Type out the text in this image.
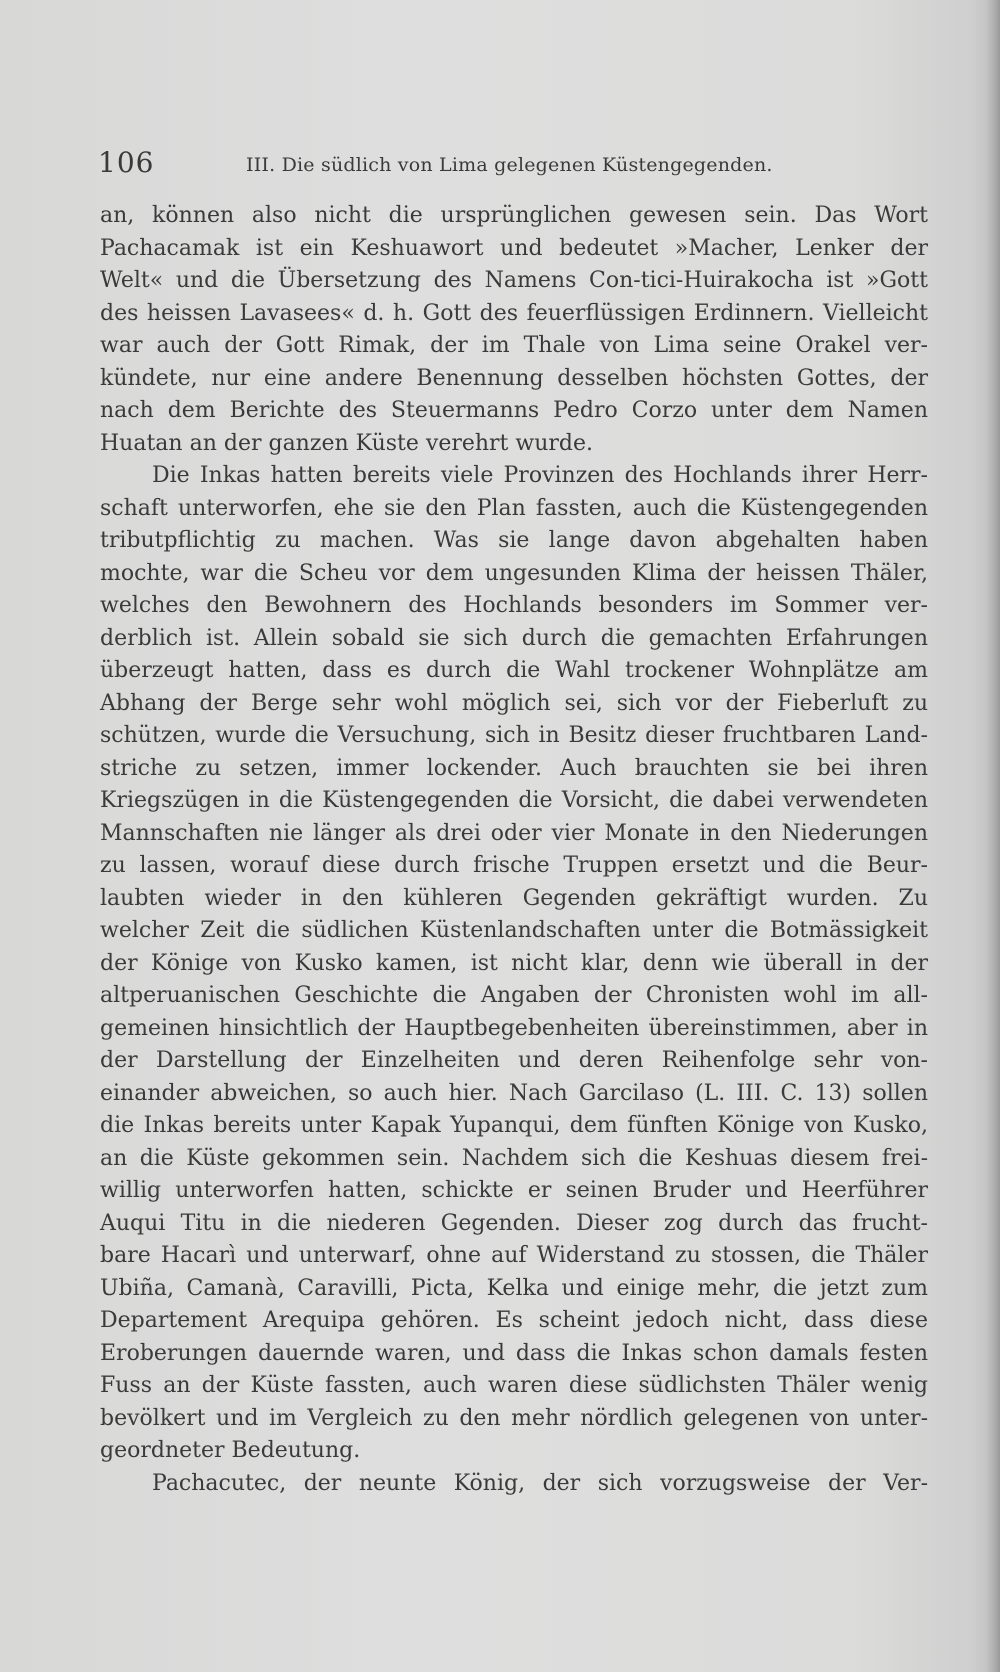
106	III. Die südlich von Lima gelegenen Küstengegenden.
an, können also nicht die ursprünglichen gewesen sein. Das Wort
Pachacamak ist ein Keshuawort und bedeutet »Macher, Lenker der
Welt« und die Übersetzung des Namens Con-tici-Huirakocha ist »Gott
des heissen Lavasees« d. h. Gott des feuerflüssigen Erdinnern. Vielleicht
war auch der Gott Rimak, der im Thale von Lima seine Orakel ver-
kündete, nur eine andere Benennung desselben höchsten Gottes, der
nach dem Berichte des Steuermanns Pedro Corzo unter dem Namen
Huatan an der ganzen Küste verehrt wurde.
Die Inkas hatten bereits viele Provinzen des Hochlands ihrer Herr-
schaft unterworfen, ehe sie den Plan fassten, auch die Küstengegenden
tributpflichtig zu machen. Was sie lange davon abgehalten haben
mochte, war die Scheu vor dem ungesunden Klima der heissen Thäler,
welches den Bewohnern des Hochlands besonders im Sommer ver-
derblich ist. Allein sobald sie sich durch die gemachten Erfahrungen
überzeugt hatten, dass es durch die Wahl trockener Wohnplätze am
Abhang der Berge sehr wohl möglich sei, sich vor der Fieberluft zu
schützen, wurde die Versuchung, sich in Besitz dieser fruchtbaren Land-
striche zu setzen, immer lockender. Auch brauchten sie bei ihren
Kriegszügen in die Küstengegenden die Vorsicht, die dabei verwendeten
Mannschaften nie länger als drei oder vier Monate in den Niederungen
zu lassen, worauf diese durch frische Truppen ersetzt und die Beur-
laubten wieder in den kühleren Gegenden gekräftigt wurden. Zu
welcher Zeit die südlichen Küstenlandschaften unter die Botmässigkeit
der Könige von Kusko kamen, ist nicht klar, denn wie überall in der
altperuanischen Geschichte die Angaben der Chronisten wohl im all-
gemeinen hinsichtlich der Hauptbegebenheiten übereinstimmen, aber in
der Darstellung der Einzelheiten und deren Reihenfolge sehr von-
einander abweichen, so auch hier. Nach Garcilaso (L. III. C. 13) sollen
die Inkas bereits unter Kapak Yupanqui, dem fünften Könige von Kusko,
an die Küste gekommen sein. Nachdem sich die Keshuas diesem frei-
willig unterworfen hatten, schickte er seinen Bruder und Heerführer
Auqui Titu in die niederen Gegenden. Dieser zog durch das frucht-
bare Hacarì und unterwarf, ohne auf Widerstand zu stossen, die Thäler
Ubiña, Camanà, Caravilli, Picta, Kelka und einige mehr, die jetzt zum
Departement Arequipa gehören. Es scheint jedoch nicht, dass diese
Eroberungen dauernde waren, und dass die Inkas schon damals festen
Fuss an der Küste fassten, auch waren diese südlichsten Thäler wenig
bevölkert und im Vergleich zu den mehr nördlich gelegenen von unter-
geordneter Bedeutung.
Pachacutec, der neunte König, der sich vorzugsweise der Ver-
